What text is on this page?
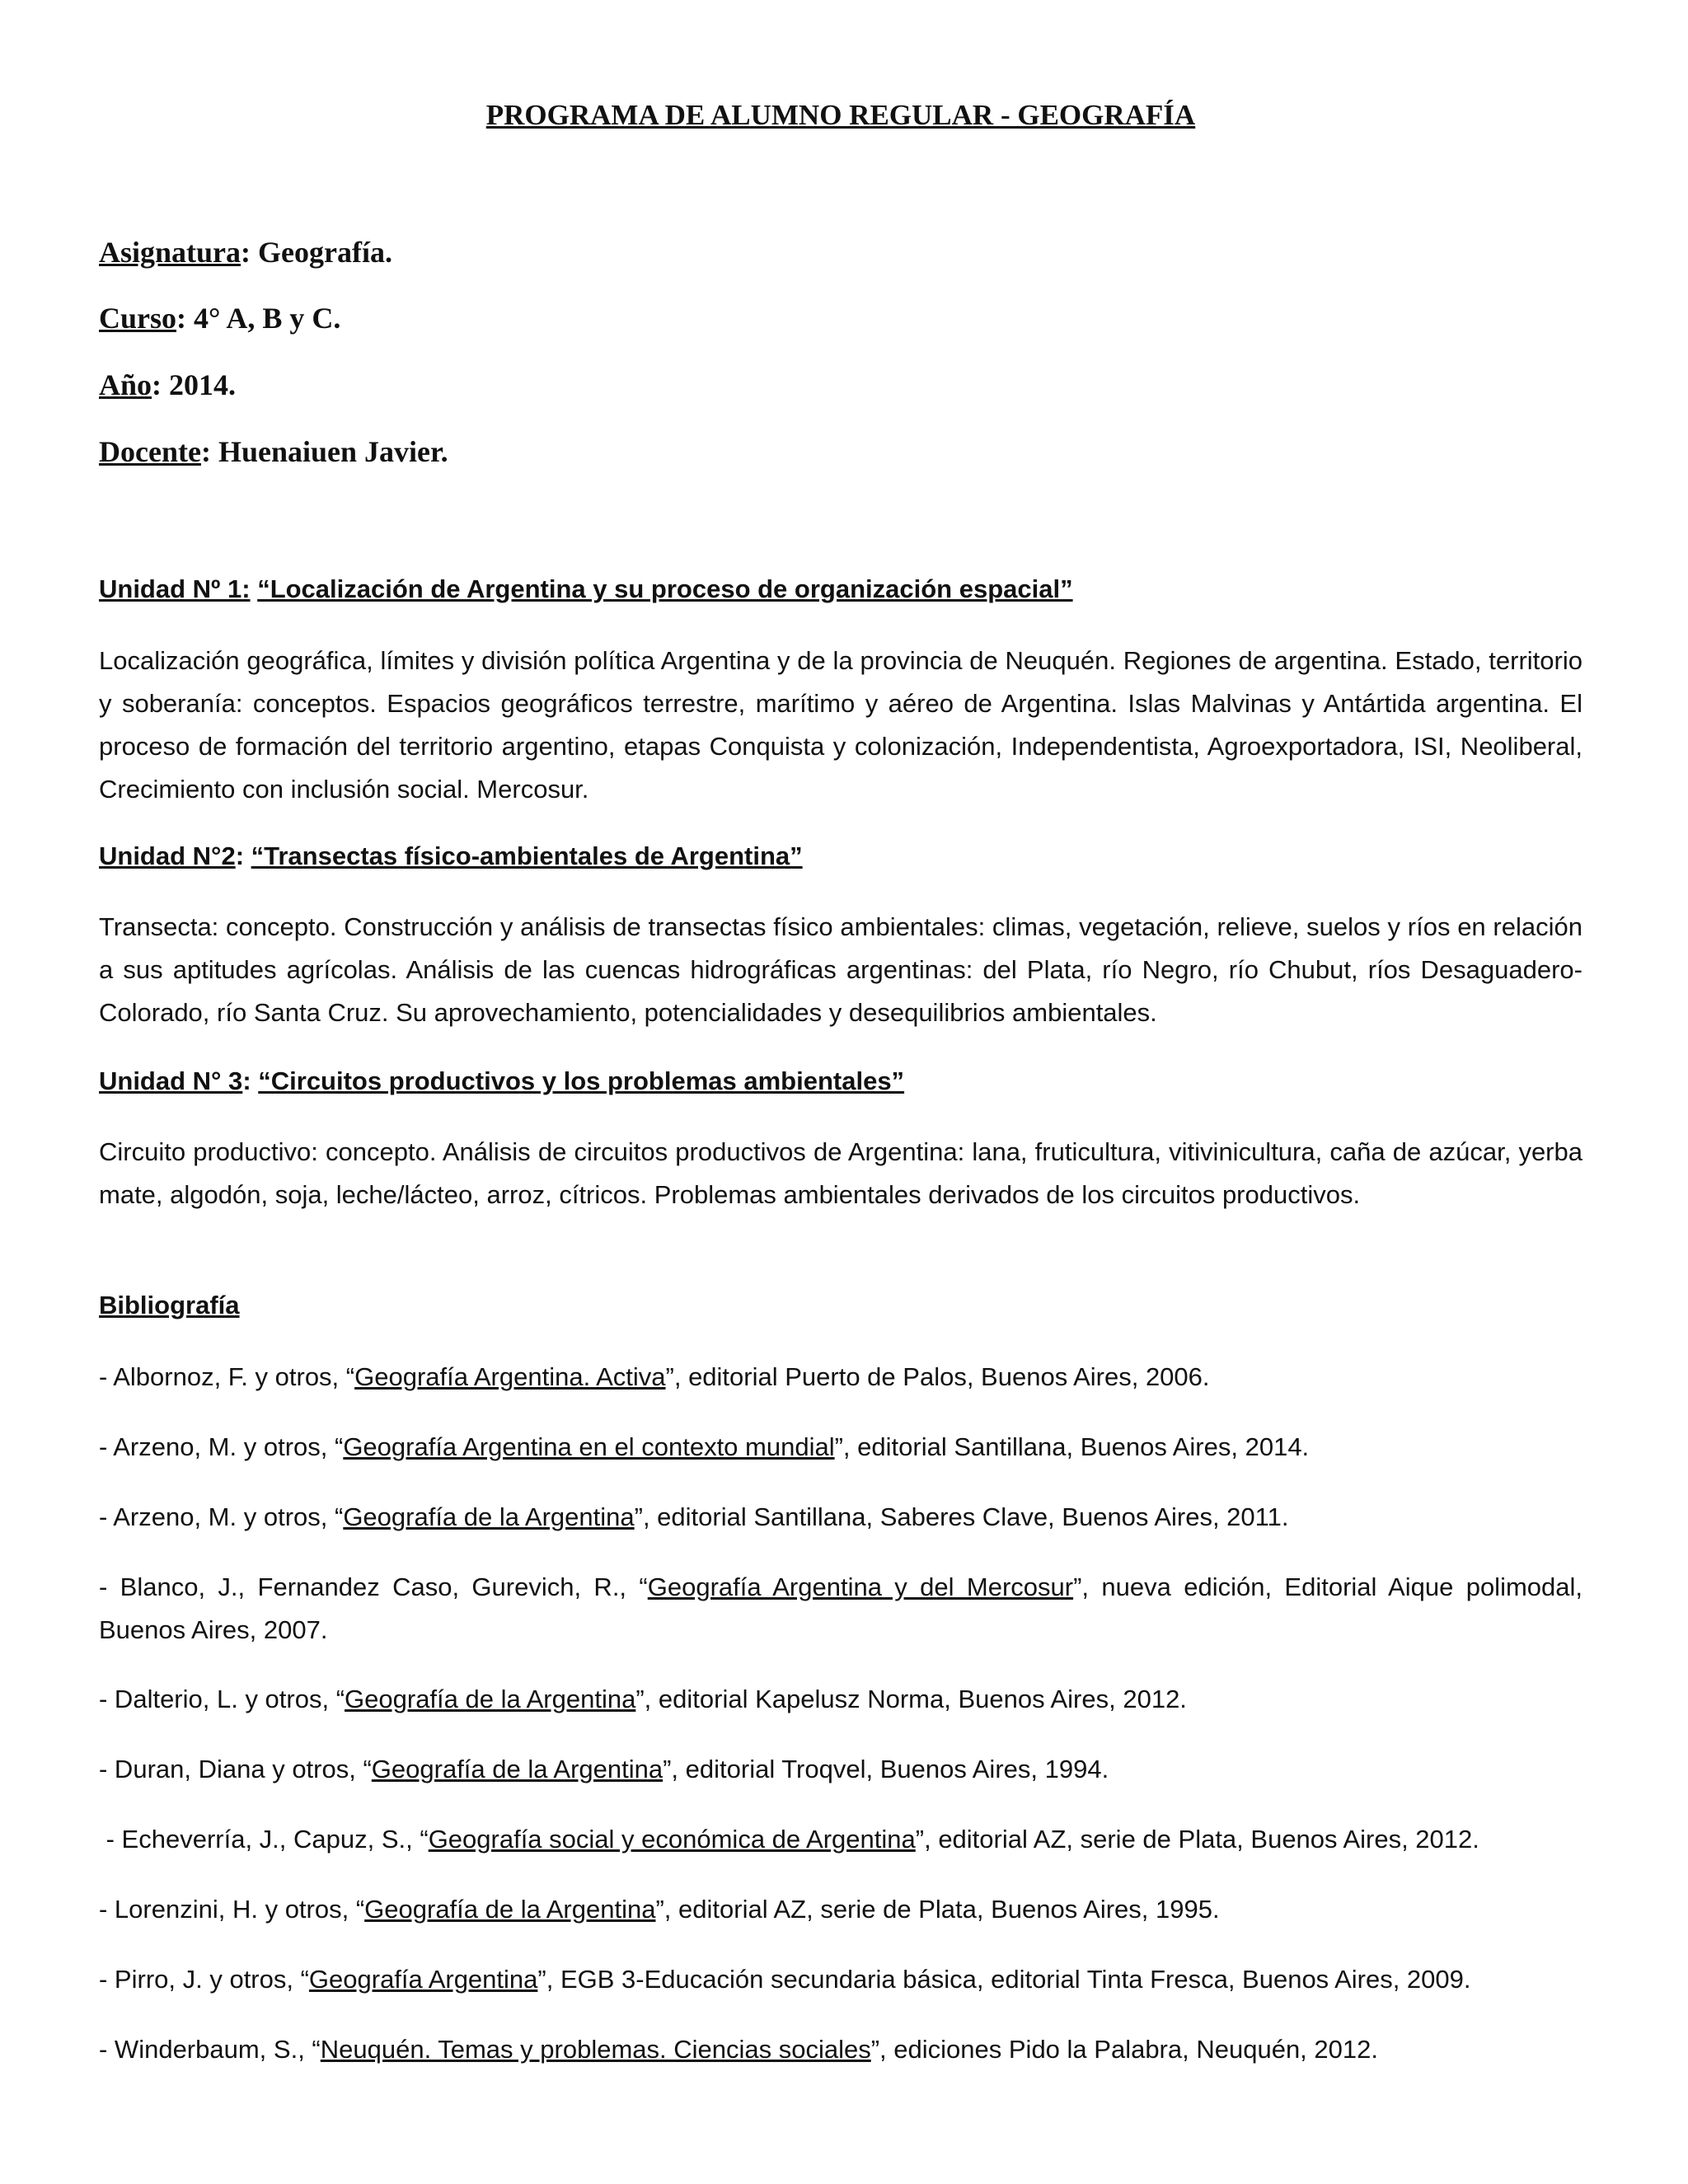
PROGRAMA DE ALUMNO REGULAR - GEOGRAFÍA
Asignatura: Geografía.
Curso: 4° A, B y C.
Año: 2014.
Docente: Huenaiuen Javier.
Unidad Nº 1: “Localización de Argentina y su proceso de organización espacial”
Localización geográfica, límites y división política Argentina y de la provincia de Neuquén. Regiones de argentina. Estado, territorio y soberanía: conceptos. Espacios geográficos terrestre, marítimo y aéreo de Argentina. Islas Malvinas y Antártida argentina. El proceso de formación del territorio argentino, etapas Conquista y colonización, Independentista, Agroexportadora, ISI, Neoliberal, Crecimiento con inclusión social. Mercosur.
Unidad N°2: “Transectas físico-ambientales de Argentina”
Transecta: concepto. Construcción y análisis de transectas físico ambientales: climas, vegetación, relieve, suelos y ríos en relación a sus aptitudes agrícolas. Análisis de las cuencas hidrográficas argentinas: del Plata, río Negro, río Chubut, ríos Desaguadero-Colorado, río Santa Cruz. Su aprovechamiento, potencialidades y desequilibrios ambientales.
Unidad N° 3: “Circuitos productivos y los problemas ambientales”
Circuito productivo: concepto. Análisis de circuitos productivos de Argentina: lana, fruticultura, vitivinicultura, caña de azúcar, yerba mate, algodón, soja, leche/lácteo, arroz, cítricos. Problemas ambientales derivados de los circuitos productivos.
Bibliografía
- Albornoz, F. y otros, “Geografía Argentina. Activa”, editorial Puerto de Palos, Buenos Aires, 2006.
- Arzeno, M. y otros, “Geografía Argentina en el contexto mundial”, editorial Santillana, Buenos Aires, 2014.
- Arzeno, M. y otros, “Geografía de la Argentina”, editorial Santillana, Saberes Clave, Buenos Aires, 2011.
- Blanco, J., Fernandez Caso, Gurevich, R., “Geografía Argentina y del Mercosur”, nueva edición, Editorial Aique polimodal, Buenos Aires, 2007.
- Dalterio, L. y otros, “Geografía de la Argentina”, editorial Kapelusz Norma, Buenos Aires, 2012.
- Duran, Diana y otros, “Geografía de la Argentina”, editorial Troqvel, Buenos Aires, 1994.
- Echeverría, J., Capuz, S., “Geografía social y económica de Argentina”, editorial AZ, serie de Plata, Buenos Aires, 2012.
- Lorenzini, H. y otros, “Geografía de la Argentina”, editorial AZ, serie de Plata, Buenos Aires, 1995.
- Pirro, J. y otros, “Geografía Argentina”, EGB 3-Educación secundaria básica, editorial Tinta Fresca, Buenos Aires, 2009.
- Winderbaum, S., “Neuquén. Temas y problemas. Ciencias sociales”, ediciones Pido la Palabra, Neuquén, 2012.
